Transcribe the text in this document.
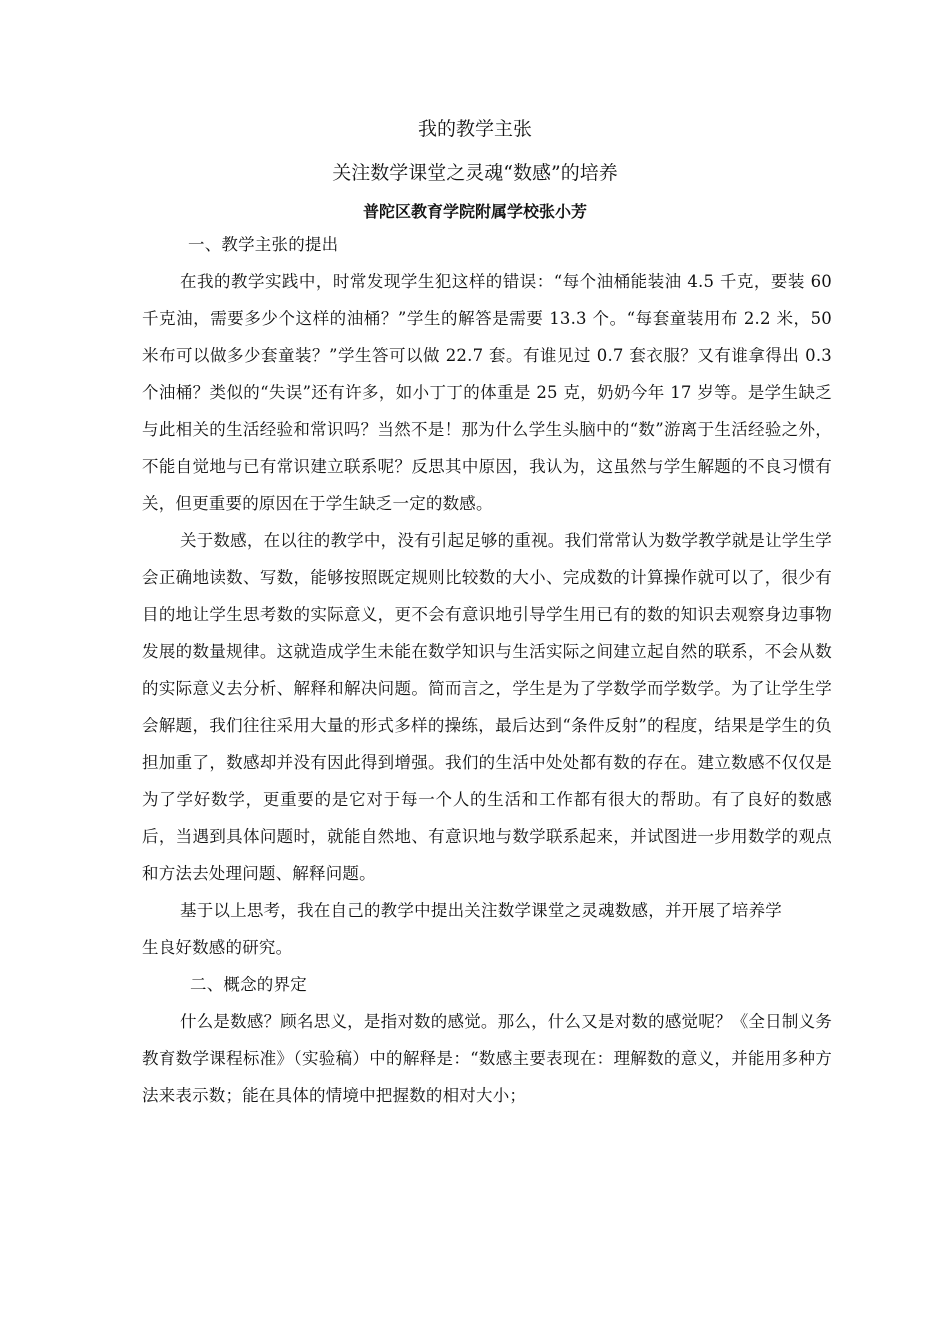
我的教学主张
关注数学课堂之灵魂“数感”的培养
普陀区教育学院附属学校张小芳

一、教学主张的提出

在我的教学实践中，时常发现学生犯这样的错误：“每个油桶能装油 4.5 千克，要装 60 千克油，需要多少个这样的油桶？”学生的解答是需要 13.3 个。“每套童装用布 2.2 米，50 米布可以做多少套童装？”学生答可以做 22.7 套。有谁见过 0.7 套衣服？又有谁拿得出 0.3 个油桶？类似的“失误”还有许多，如小丁丁的体重是 25 克，奶奶今年 17 岁等。是学生缺乏与此相关的生活经验和常识吗？当然不是！那为什么学生头脑中的“数”游离于生活经验之外，不能自觉地与已有常识建立联系呢？反思其中原因，我认为，这虽然与学生解题的不良习惯有关，但更重要的原因在于学生缺乏一定的数感。

关于数感，在以往的教学中，没有引起足够的重视。我们常常认为数学教学就是让学生学会正确地读数、写数，能够按照既定规则比较数的大小、完成数的计算操作就可以了，很少有目的地让学生思考数的实际意义，更不会有意识地引导学生用已有的数的知识去观察身边事物发展的数量规律。这就造成学生未能在数学知识与生活实际之间建立起自然的联系，不会从数的实际意义去分析、解释和解决问题。简而言之，学生是为了学数学而学数学。为了让学生学会解题，我们往往采用大量的形式多样的操练，最后达到“条件反射”的程度，结果是学生的负担加重了，数感却并没有因此得到增强。我们的生活中处处都有数的存在。建立数感不仅仅是为了学好数学，更重要的是它对于每一个人的生活和工作都有很大的帮助。有了良好的数感后，当遇到具体问题时，就能自然地、有意识地与数学联系起来，并试图进一步用数学的观点和方法去处理问题、解释问题。

基于以上思考，我在自己的教学中提出关注数学课堂之灵魂数感，并开展了培养学生良好数感的研究。

二、概念的界定

什么是数感？顾名思义，是指对数的感觉。那么，什么又是对数的感觉呢？《全日制义务教育数学课程标准》（实验稿）中的解释是：“数感主要表现在：理解数的意义，并能用多种方法来表示数；能在具体的情境中把握数的相对大小；
